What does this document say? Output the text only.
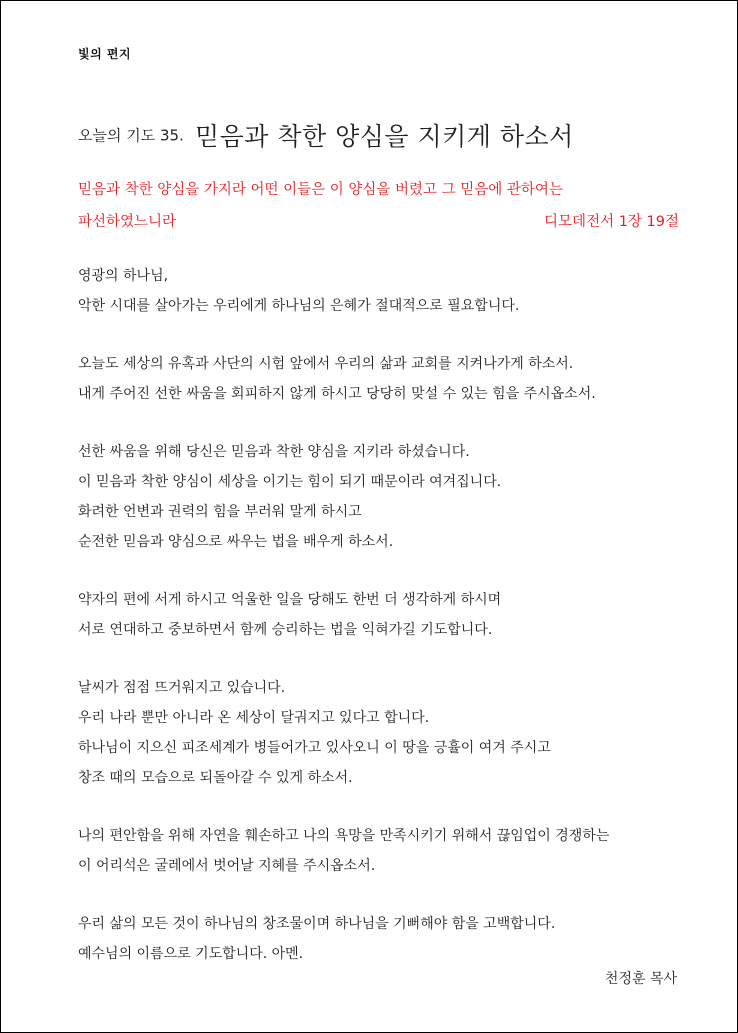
빛의 편지
오늘의 기도 35. 믿음과 착한 양심을 지키게 하소서
믿음과 착한 양심을 가지라 어떤 이들은 이 양심을 버렸고 그 믿음에 관하여는
파선하였느니라	디모데전서 1장 19절
영광의 하나님,
악한 시대를 살아가는 우리에게 하나님의 은혜가 절대적으로 필요합니다.
오늘도 세상의 유혹과 사단의 시험 앞에서 우리의 삶과 교회를 지켜나가게 하소서.
내게 주어진 선한 싸움을 회피하지 않게 하시고 당당히 맞설 수 있는 힘을 주시옵소서.
선한 싸움을 위해 당신은 믿음과 착한 양심을 지키라 하셨습니다.
이 믿음과 착한 양심이 세상을 이기는 힘이 되기 때문이라 여겨집니다.
화려한 언변과 권력의 힘을 부러워 말게 하시고
순전한 믿음과 양심으로 싸우는 법을 배우게 하소서.
약자의 편에 서게 하시고 억울한 일을 당해도 한번 더 생각하게 하시며
서로 연대하고 중보하면서 함께 승리하는 법을 익혀가길 기도합니다.
날씨가 점점 뜨거워지고 있습니다.
우리 나라 뿐만 아니라 온 세상이 달궈지고 있다고 합니다.
하나님이 지으신 피조세계가 병들어가고 있사오니 이 땅을 긍휼이 여겨 주시고
창조 때의 모습으로 되돌아갈 수 있게 하소서.
나의 편안함을 위해 자연을 훼손하고 나의 욕망을 만족시키기 위해서 끊임업이 경쟁하는
이 어리석은 굴레에서 벗어날 지혜를 주시옵소서.
우리 삶의 모든 것이 하나님의 창조물이며 하나님을 기뻐해야 함을 고백합니다.
예수님의 이름으로 기도합니다. 아멘.
천정훈 목사
